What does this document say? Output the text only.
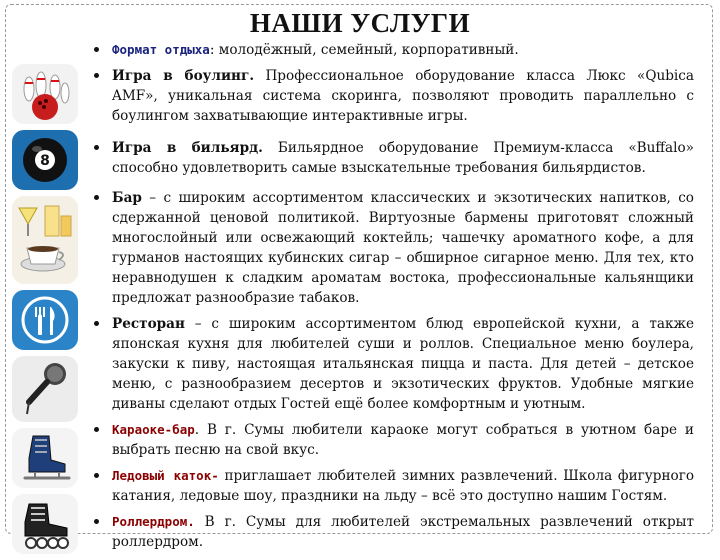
НАШИ УСЛУГИ
8
Формат отдыха: молодёжный, семейный, корпоративный.
Игра в боулинг. Профессиональное оборудование класса Люкс «Qubica AMF», уникальная система скоринга, позволяют проводить параллельно с боулингом захватывающие интерактивные игры.
Игра в бильярд. Бильярдное оборудование Премиум-класса «Buffalo» способно удовлетворить самые взыскательные требования бильярдистов.
Бар – с широким ассортиментом классических и экзотических напитков, со сдержанной ценовой политикой. Виртуозные бармены приготовят сложный многослойный или освежающий коктейль; чашечку ароматного кофе, а для гурманов настоящих кубинских сигар – обширное сигарное меню. Для тех, кто неравнодушен к сладким ароматам востока, профессиональные кальянщики предложат разнообразие табаков.
Ресторан – с широким ассортиментом блюд европейской кухни, а также японская кухня для любителей суши и роллов. Специальное меню боулера, закуски к пиву, настоящая итальянская пицца и паста. Для детей – детское меню, с разнообразием десертов и экзотических фруктов. Удобные мягкие диваны сделают отдых Гостей ещё более комфортным и уютным.
Караоке-бар. В г. Сумы любители караоке могут собраться в уютном баре и выбрать песню на свой вкус.
Ледовый каток- приглашает любителей зимних развлечений. Школа фигурного катания, ледовые шоу, праздники на льду – всё это доступно нашим Гостям.
Роллердром. В г. Сумы для любителей экстремальных развлечений открыт роллердром.
